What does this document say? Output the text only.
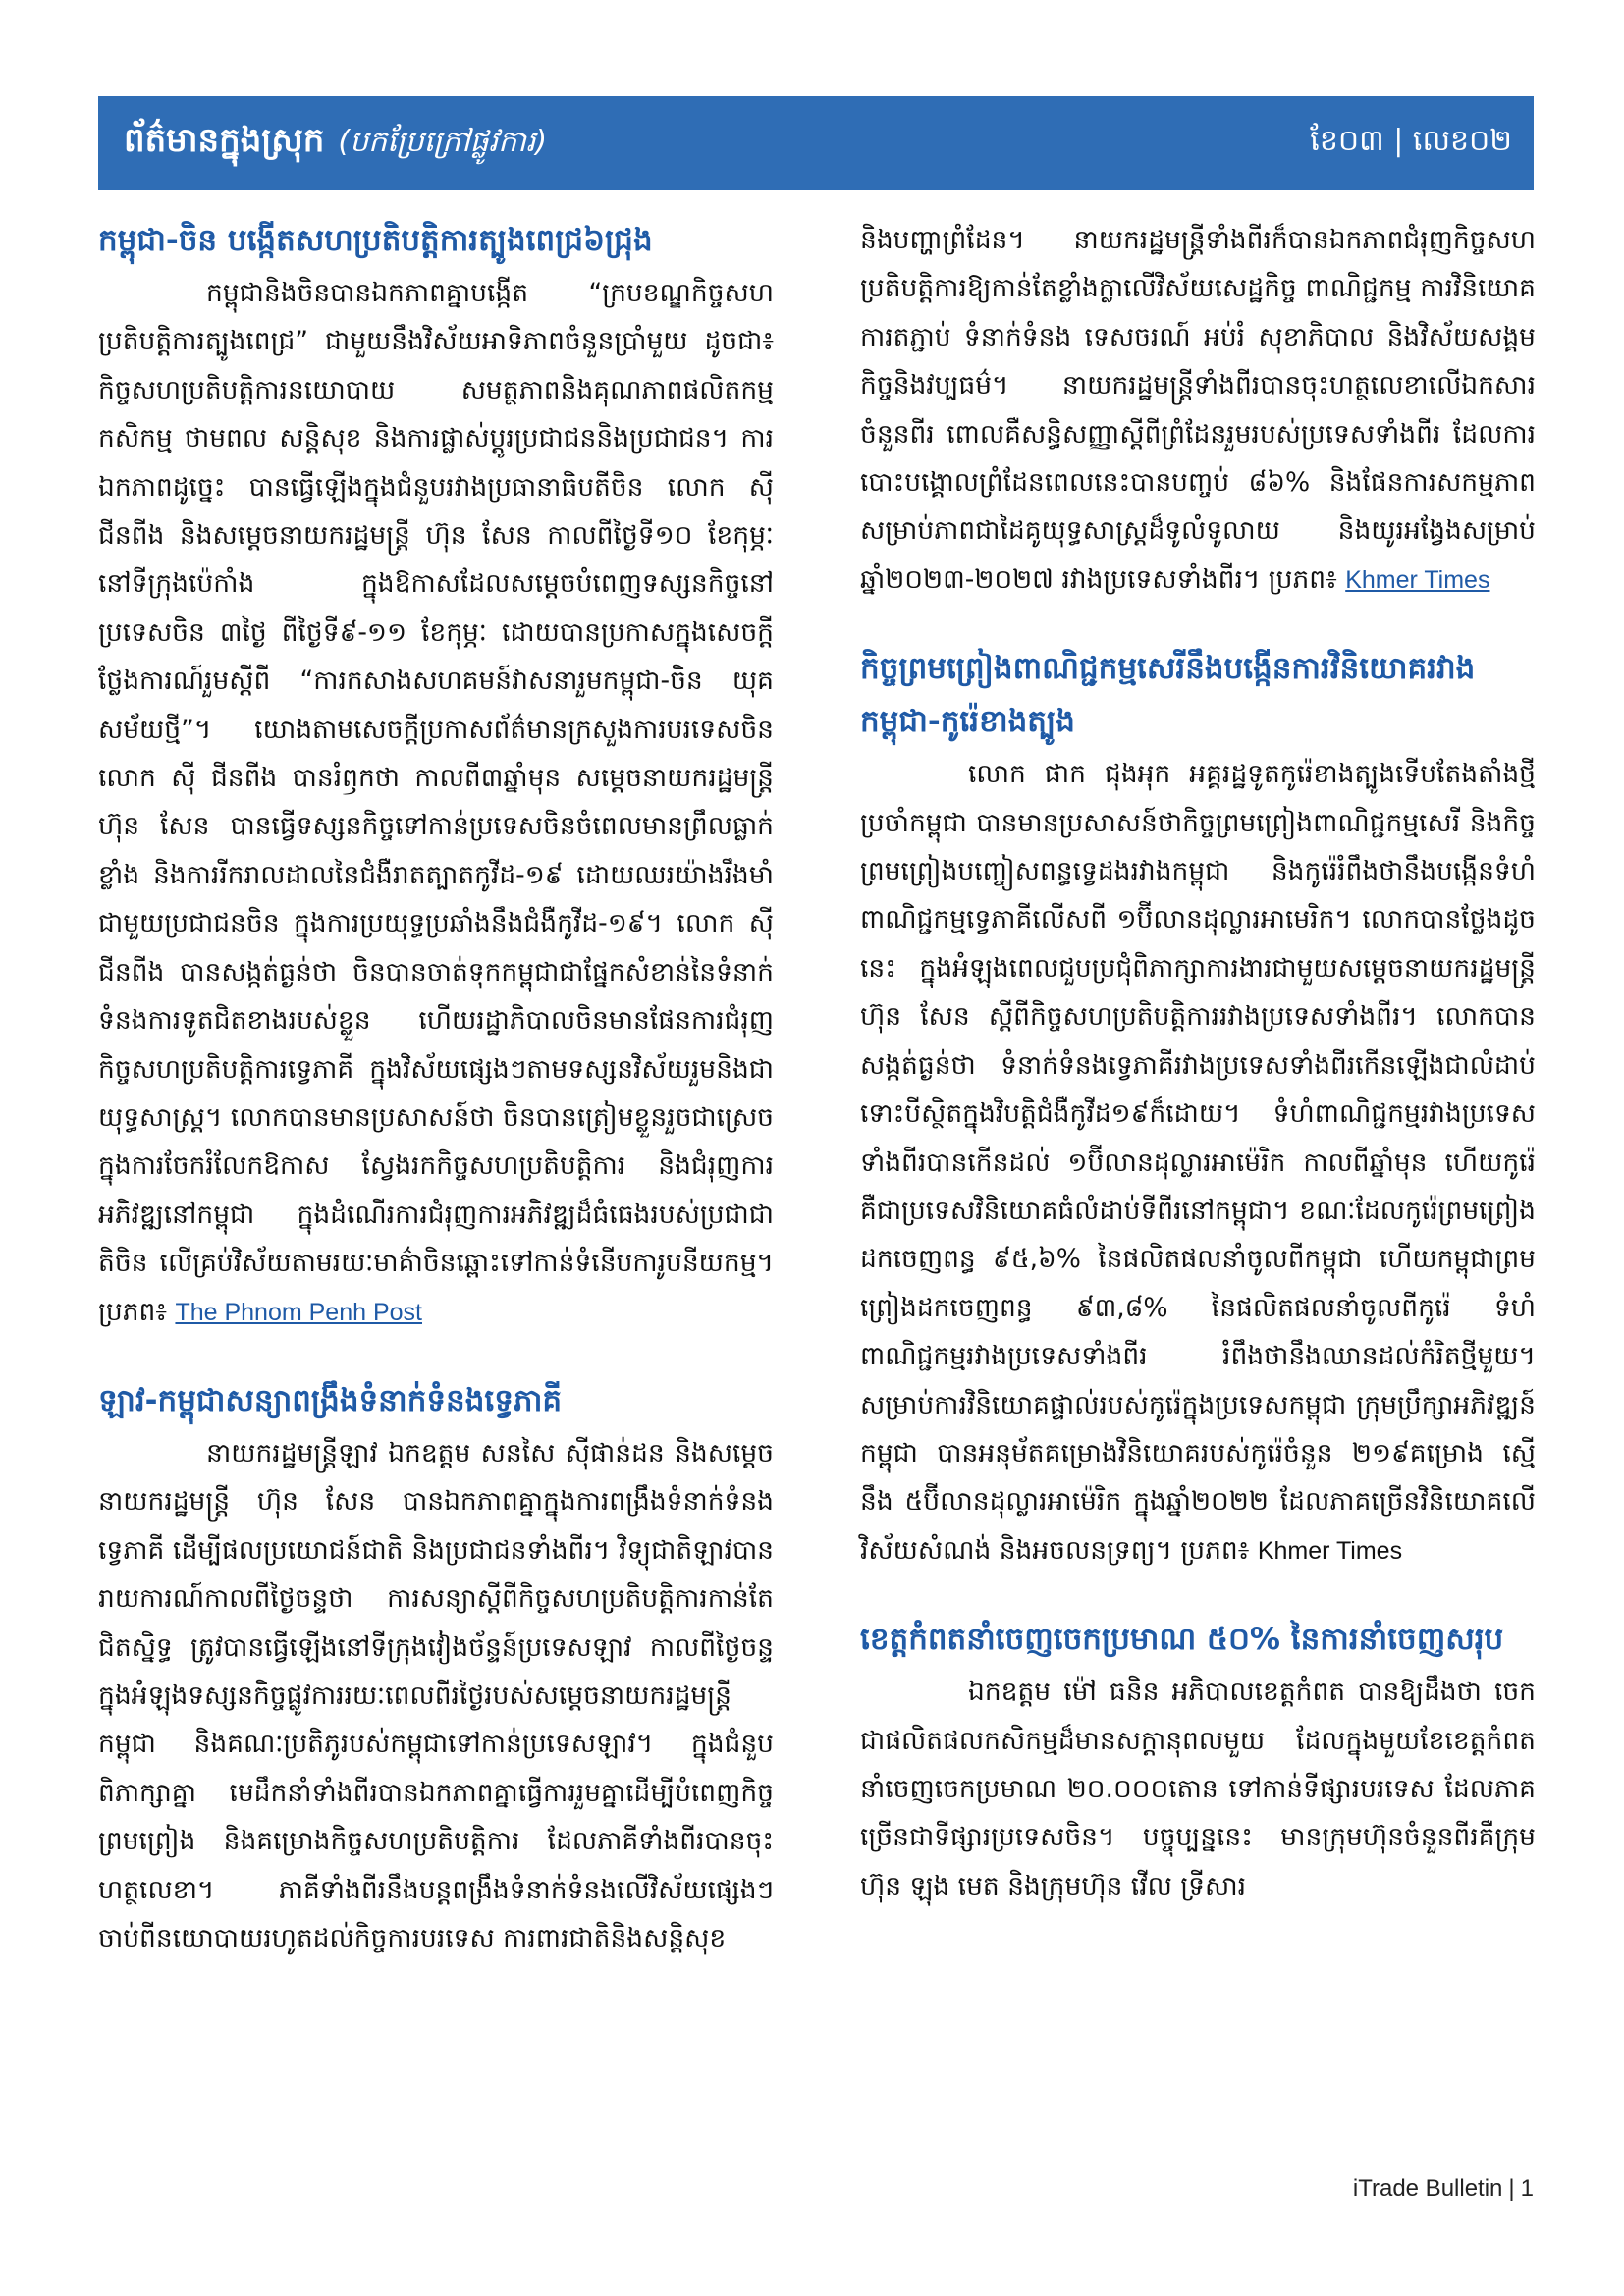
ព័ត៌មានក្នុងស្រុក (បកប្រែក្រៅផ្លូវការ)	ខែ០៣ | លេខ០២
កម្ពុជា-ចិន បង្កើតសហប្រតិបត្តិការត្បូងពេជ្រ៦ជ្រុង

កម្ពុជានិងចិនបានឯកភាពគ្នាបង្កើត “ក្របខណ្ឌកិច្ចសហប្រតិបត្តិការត្បូងពេជ្រ” ជាមួយនឹងវិស័យអាទិភាពចំនួនប្រាំមួយ ដូចជា៖ កិច្ចសហប្រតិបត្តិការនយោបាយ សមត្ថភាពនិងគុណភាពផលិតកម្ម កសិកម្ម ថាមពល សន្តិសុខ និងការផ្លាស់ប្ដូរប្រជាជននិងប្រជាជន។ ការឯកភាពដូច្នេះ បានធ្វើឡើងក្នុងជំនួបរវាងប្រធានាធិបតីចិន លោក ស៊ី ជីនពីង និងសម្ដេចនាយករដ្ឋមន្ត្រី ហ៊ុន សែន កាលពីថ្ងៃទី១០ ខែកុម្ភៈ នៅទីក្រុងប៉េកាំង ក្នុងឱកាសដែលសម្ដេចបំពេញទស្សនកិច្ចនៅប្រទេសចិន ៣ថ្ងៃ ពីថ្ងៃទី៩-១១ ខែកុម្ភៈ ដោយបានប្រកាសក្នុងសេចក្តីថ្លែងការណ៍រួមស្តីពី “ការកសាងសហគមន៍វាសនារួមកម្ពុជា-ចិន យុគសម័យថ្មី”។ យោងតាមសេចក្តីប្រកាសព័ត៌មានក្រសួងការបរទេសចិន លោក ស៊ី ជីនពីង បានរំឭកថា កាលពី៣ឆ្នាំមុន សម្ដេចនាយករដ្ឋមន្ត្រី ហ៊ុន សែន បានធ្វើទស្សនកិច្ចទៅកាន់ប្រទេសចិនចំពេលមានព្រឹលធ្លាក់ខ្លាំង និងការរីករាលដាលនៃជំងឺរាតត្បាតកូវីដ-១៩ ដោយឈរយ៉ាងរឹងមាំ ជាមួយប្រជាជនចិន ក្នុងការប្រយុទ្ធប្រឆាំងនឹងជំងឺកូវីដ-១៩។ លោក ស៊ី ជីនពីង បានសង្កត់ធ្ងន់ថា ចិនបានចាត់ទុកកម្ពុជាជាផ្នែកសំខាន់នៃទំនាក់ទំនងការទូតជិតខាងរបស់ខ្លួន ហើយរដ្ឋាភិបាលចិនមានផែនការជំរុញកិច្ចសហប្រតិបត្តិការទ្វេភាគី ក្នុងវិស័យផ្សេងៗតាមទស្សនវិស័យរួមនិងជាយុទ្ធសាស្ត្រ។ លោកបានមានប្រសាសន៍ថា ចិនបានត្រៀមខ្លួនរួចជាស្រេចក្នុងការចែករំលែកឱកាស ស្វែងរកកិច្ចសហប្រតិបត្តិការ និងជំរុញការអភិវឌ្ឍនៅកម្ពុជា ក្នុងដំណើរការជំរុញការអភិវឌ្ឍដ៏ធំធេងរបស់ប្រជាជាតិចិន លើគ្រប់វិស័យតាមរយៈមាគ៌ាចិនឆ្ពោះទៅកាន់ទំនើបការូបនីយកម្ម។ ប្រភព៖ The Phnom Penh Post

ឡាវ-កម្ពុជាសន្យាពង្រឹងទំនាក់ទំនងទ្វេភាគី

នាយករដ្ឋមន្ត្រីឡាវ ឯកឧត្ដម សនសៃ ស៊ីផាន់ដន និងសម្ដេចនាយករដ្ឋមន្ត្រី ហ៊ុន សែន បានឯកភាពគ្នាក្នុងការពង្រឹងទំនាក់ទំនងទ្វេភាគី ដើម្បីផលប្រយោជន៍ជាតិ និងប្រជាជនទាំងពីរ។ វិទ្យុជាតិឡាវបានរាយការណ៍កាលពីថ្ងៃចន្ទថា ការសន្យាស្ដីពីកិច្ចសហប្រតិបត្តិការកាន់តែជិតស្និទ្ធ ត្រូវបានធ្វើឡើងនៅទីក្រុងវៀងច័ន្ទន៍ប្រទេសឡាវ កាលពីថ្ងៃចន្ទក្នុងអំឡុងទស្សនកិច្ចផ្លូវការរយៈពេលពីរថ្ងៃរបស់សម្ដេចនាយករដ្ឋមន្ត្រីកម្ពុជា និងគណៈប្រតិភូរបស់កម្ពុជាទៅកាន់ប្រទេសឡាវ។ ក្នុងជំនួបពិភាក្សាគ្នា មេដឹកនាំទាំងពីរបានឯកភាពគ្នាធ្វើការរួមគ្នាដើម្បីបំពេញកិច្ចព្រមព្រៀង និងគម្រោងកិច្ចសហប្រតិបត្តិការ ដែលភាគីទាំងពីរបានចុះហត្ថលេខា។ ភាគីទាំងពីរនឹងបន្តពង្រឹងទំនាក់ទំនងលើវិស័យផ្សេងៗ ចាប់ពីនយោបាយរហូតដល់កិច្ចការបរទេស ការពារជាតិនិងសន្តិសុខ

និងបញ្ហាព្រំដែន។ នាយករដ្ឋមន្ត្រីទាំងពីរក៏បានឯកភាពជំរុញកិច្ចសហប្រតិបត្តិការឱ្យកាន់តែខ្លាំងក្លាលើវិស័យសេដ្ឋកិច្ច ពាណិជ្ជកម្ម ការវិនិយោគ ការតភ្ជាប់ ទំនាក់ទំនង ទេសចរណ៍ អប់រំ សុខាភិបាល និងវិស័យសង្គមកិច្ចនិងវប្បធម៌។ នាយករដ្ឋមន្ត្រីទាំងពីរបានចុះហត្ថលេខាលើឯកសារចំនួនពីរ ពោលគឺសន្ធិសញ្ញាស្ដីពីព្រំដែនរួមរបស់ប្រទេសទាំងពីរ ដែលការបោះបង្គោលព្រំដែនពេលនេះបានបញ្ចប់ ៨៦% និងផែនការសកម្មភាពសម្រាប់ភាពជាដៃគូយុទ្ធសាស្ត្រដ៏ទូលំទូលាយ និងយូរអង្វែងសម្រាប់ឆ្នាំ២០២៣-២០២៧ រវាងប្រទេសទាំងពីរ។ ប្រភព៖ Khmer Times

កិច្ចព្រមព្រៀងពាណិជ្ជកម្មសេរីនឹងបង្កើនការវិនិយោគរវាងកម្ពុជា-កូរ៉េខាងត្បូង

លោក ផាក ជុងអុក អគ្គរដ្ឋទូតកូរ៉េខាងត្បូងទើបតែងតាំងថ្មីប្រចាំកម្ពុជា បានមានប្រសាសន៍ថាកិច្ចព្រមព្រៀងពាណិជ្ជកម្មសេរី និងកិច្ចព្រមព្រៀងបញ្ចៀសពន្ធទ្វេដងរវាងកម្ពុជា និងកូរ៉េរំពឹងថានឹងបង្កើនទំហំពាណិជ្ជកម្មទ្វេភាគីលើសពី ១ប៊ីលានដុល្លារអាមេរិក។ លោកបានថ្លែងដូចនេះ ក្នុងអំឡុងពេលជួបប្រជុំពិភាក្សាការងារជាមួយសម្ដេចនាយករដ្ឋមន្ត្រី ហ៊ុន សែន ស្ដីពីកិច្ចសហប្រតិបត្តិការរវាងប្រទេសទាំងពីរ។ លោកបានសង្កត់ធ្ងន់ថា ទំនាក់ទំនងទ្វេភាគីរវាងប្រទេសទាំងពីរកើនឡើងជាលំដាប់ ទោះបីស្ថិតក្នុងវិបត្តិជំងឺកូវីដ១៩ក៏ដោយ។ ទំហំពាណិជ្ជកម្មរវាងប្រទេសទាំងពីរបានកើនដល់ ១ប៊ីលានដុល្លារអាម៉េរិក កាលពីឆ្នាំមុន ហើយកូរ៉េគឺជាប្រទេសវិនិយោគធំលំដាប់ទីពីរនៅកម្ពុជា។ ខណៈដែលកូរ៉េព្រមព្រៀងដកចេញពន្ធ ៩៥,៦% នៃផលិតផលនាំចូលពីកម្ពុជា ហើយកម្ពុជាព្រមព្រៀងដកចេញពន្ធ ៩៣,៨% នៃផលិតផលនាំចូលពីកូរ៉េ ទំហំពាណិជ្ជកម្មរវាងប្រទេសទាំងពីរ រំពឹងថានឹងឈានដល់កំរិតថ្មីមួយ។ សម្រាប់ការវិនិយោគផ្ទាល់របស់កូរ៉េក្នុងប្រទេសកម្ពុជា ក្រុមប្រឹក្សាអភិវឌ្ឍន៍កម្ពុជា បានអនុម័តគម្រោងវិនិយោគរបស់កូរ៉េចំនួន ២១៩គម្រោង ស្មើនឹង ៥ប៊ីលានដុល្លារអាម៉េរិក ក្នុងឆ្នាំ២០២២ ដែលភាគច្រើនវិនិយោគលើវិស័យសំណង់ និងអចលនទ្រព្យ។ ប្រភព៖ Khmer Times

ខេត្តកំពតនាំចេញចេកប្រមាណ ៥០% នៃការនាំចេញសរុប

ឯកឧត្ដម ម៉ៅ ធនិន អភិបាលខេត្តកំពត បានឱ្យដឹងថា ចេកជាផលិតផលកសិកម្មដ៏មានសក្ដានុពលមួយ ដែលក្នុងមួយខែខេត្តកំពតនាំចេញចេកប្រមាណ ២០.០០០តោន ទៅកាន់ទីផ្សារបរទេស ដែលភាគច្រើនជាទីផ្សារប្រទេសចិន។ បច្ចុប្បន្ននេះ មានក្រុមហ៊ុនចំនួនពីរគឺក្រុមហ៊ុន ឡុង មេត និងក្រុមហ៊ុន វើល ទ្រីសារ

iTrade Bulletin | 1
